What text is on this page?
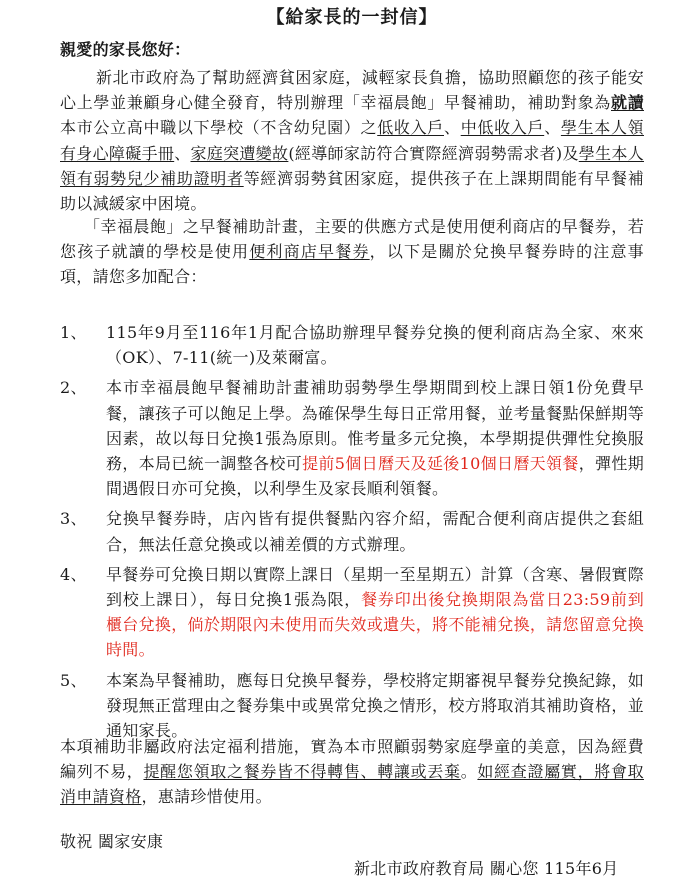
【給家長的一封信】
親愛的家長您好：
新北市政府為了幫助經濟貧困家庭，減輕家長負擔，協助照顧您的孩子能安心上學並兼顧身心健全發育，特別辦理「幸福晨飽」早餐補助，補助對象為就讀本市公立高中職以下學校（不含幼兒園）之低收入戶、中低收入戶、學生本人領有身心障礙手冊、家庭突遭變故(經導師家訪符合實際經濟弱勢需求者)及學生本人領有弱勢兒少補助證明者等經濟弱勢貧困家庭，提供孩子在上課期間能有早餐補助以減緩家中困境。
「幸福晨飽」之早餐補助計畫，主要的供應方式是使用便利商店的早餐券，若您孩子就讀的學校是使用便利商店早餐券，以下是關於兌換早餐券時的注意事項，請您多加配合：
1、	115年9月至116年1月配合協助辦理早餐券兌換的便利商店為全家、來來（OK）、7-11(統一)及萊爾富。
2、	本市幸福晨飽早餐補助計畫補助弱勢學生學期間到校上課日領1份免費早餐，讓孩子可以飽足上學。為確保學生每日正常用餐，並考量餐點保鮮期等因素，故以每日兌換1張為原則。惟考量多元兌換，本學期提供彈性兌換服務，本局已統一調整各校可提前5個日曆天及延後10個日曆天領餐，彈性期間遇假日亦可兌換，以利學生及家長順利領餐。
3、	兌換早餐券時，店內皆有提供餐點內容介紹，需配合便利商店提供之套組合，無法任意兌換或以補差價的方式辦理。
4、	早餐券可兌換日期以實際上課日（星期一至星期五）計算（含寒、暑假實際到校上課日），每日兌換1張為限，餐券印出後兌換期限為當日23:59前到櫃台兌換，倘於期限內未使用而失效或遺失，將不能補兌換，請您留意兌換時間。
5、	本案為早餐補助，應每日兌換早餐券，學校將定期審視早餐券兌換紀錄，如發現無正當理由之餐券集中或異常兌換之情形，校方將取消其補助資格，並通知家長。
本項補助非屬政府法定福利措施，實為本市照顧弱勢家庭學童的美意，因為經費編列不易，提醒您領取之餐券皆不得轉售、轉讓或丟棄。如經查證屬實，將會取消申請資格，惠請珍惜使用。
敬祝 闔家安康
新北市政府教育局 關心您 115年6月
